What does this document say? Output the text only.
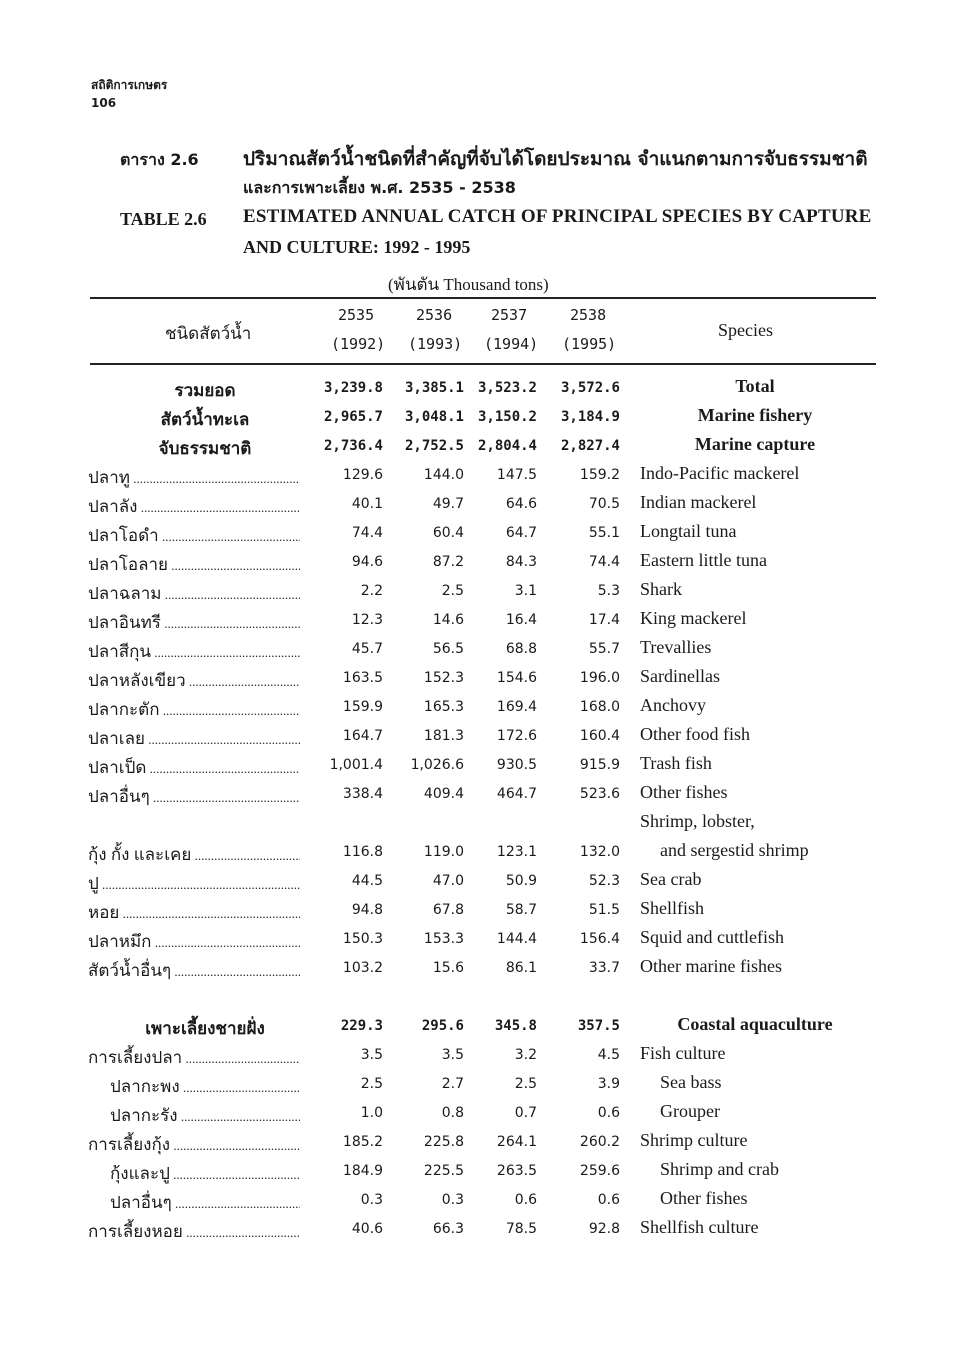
สถิติการเกษตร
106
ตาราง 2.6 ปริมาณสัตว์น้ำชนิดที่สำคัญที่จับได้โดยประมาณ จำแนกตามการจับธรรมชาติ
และการเพาะเลี้ยง พ.ศ. 2535 - 2538
TABLE 2.6 ESTIMATED ANNUAL CATCH OF PRINCIPAL SPECIES BY CAPTURE
AND CULTURE: 1992 - 1995
(พันตัน Thousand tons)
ชนิดสัตว์น้ำ
2535	2536	2537	2538
(1992) (1993) (1994) (1995)
Species
รวมยอด	3,239.8	3,385.1 3,523.2	3,572.6	Total
สัตว์น้ำทะเล	2,965.7	3,048.1 3,150.2	3,184.9	Marine fishery
จับธรรมชาติ	2,736.4	2,752.5 2,804.4	2,827.4	Marine capture
ปลาทู .....	129.6	144.0	147.5	159.2 Indo-Pacific mackerel
ปลาลัง .....	40.1	49.7	64.6	70.5 Indian mackerel
ปลาโอดำ .....	74.4	60.4	64.7	55.1 Longtail tuna
ปลาโอลาย .....	94.6	87.2	84.3	74.4 Eastern little tuna
ปลาฉลาม .....	2.2	2.5	3.1	5.3 Shark
ปลาอินทรี .....	12.3	14.6	16.4	17.4 King mackerel
ปลาสีกุน .....	45.7	56.5	68.8	55.7 Trevallies
ปลาหลังเขียว .....	163.5	152.3	154.6	196.0 Sardinellas
ปลากะตัก .....	159.9	165.3	169.4	168.0 Anchovy
ปลาเลย .....	164.7	181.3	172.6	160.4 Other food fish
ปลาเป็ด .....	1,001.4	1,026.6	930.5	915.9 Trash fish
ปลาอื่นๆ .....	338.4	409.4	464.7	523.6 Other fishes
Shrimp, lobster,
กุ้ง กั้ง และเคย .....	116.8	119.0	123.1	132.0 and sergestid shrimp
ปู .....	44.5	47.0	50.9	52.3 Sea crab
หอย .....	94.8	67.8	58.7	51.5 Shellfish
ปลาหมึก .....	150.3	153.3	144.4	156.4 Squid and cuttlefish
สัตว์น้ำอื่นๆ .....	103.2	15.6	86.1	33.7 Other marine fishes
เพาะเลี้ยงชายฝั่ง	229.3	295.6	345.8	357.5	Coastal aquaculture
การเลี้ยงปลา .....	3.5	3.5	3.2	4.5 Fish culture
ปลากะพง .....	2.5	2.7	2.5	3.9 Sea bass
ปลากะรัง .....	1.0	0.8	0.7	0.6 Grouper
การเลี้ยงกุ้ง .....	185.2	225.8	264.1	260.2 Shrimp culture
กุ้งและปู .....	184.9	225.5	263.5	259.6 Shrimp and crab
ปลาอื่นๆ .....	0.3	0.3	0.6	0.6 Other fishes
การเลี้ยงหอย .....	40.6	66.3	78.5	92.8 Shellfish culture
